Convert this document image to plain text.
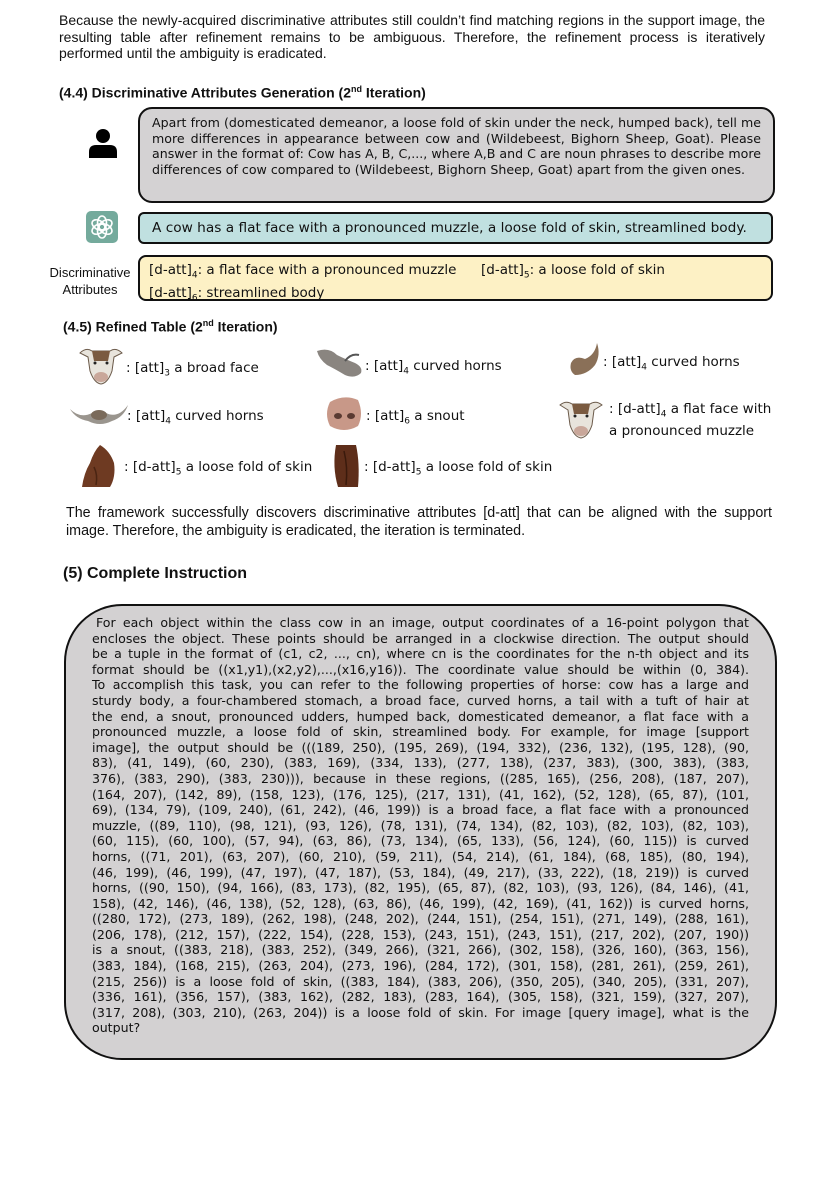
Because the newly-acquired discriminative attributes still couldn’t find matching regions in the support image, the resulting table after refinement remains to be ambiguous. Therefore, the refinement process is iteratively performed until the ambiguity is eradicated.
(4.4) Discriminative Attributes Generation (2nd Iteration)
Apart from (domesticated demeanor, a loose fold of skin under the neck, humped back), tell me more differences in appearance between cow and (Wildebeest, Bighorn Sheep, Goat). Please answer in the format of: Cow has A, B, C,..., where A,B and C are noun phrases to describe more differences of cow compared to (Wildebeest, Bighorn Sheep, Goat) apart from the given ones.
A cow has a flat face with a pronounced muzzle, a loose fold of skin, streamlined body.
Discriminative
Attributes
$[d-att]_4$: a flat face with a pronounced muzzle $[d-att]_5$: a loose fold of skin
$[d-att]_6$: streamlined body
(4.5) Refined Table (2nd Iteration)
: $[att]_3$ a broad face	: $[att]_4$ curved horns	: $[att]_4$ curved horns
: $[att]_4$ curved horns	: $[att]_6$ a snout	: $[d-att]_4$ a flat face with
a pronounced muzzle
: $[d-att]_5$ a loose fold of skin	: $[d-att]_5$ a loose fold of skin
The framework successfully discovers discriminative attributes [d-att] that can be aligned with the support image. Therefore, the ambiguity is eradicated, the iteration is terminated.
(5) Complete Instruction
For each object within the class cow in an image, output coordinates of a 16-point polygon that
encloses the object. These points should be arranged in a clockwise direction. The output should
be a tuple in the format of (c1, c2, ..., cn), where cn is the coordinates for the n-th object and its
format should be ((x1,y1),(x2,y2),...,(x16,y16)). The coordinate value should be within (0, 384).
To accomplish this task, you can refer to the following properties of horse: cow has a large and
sturdy body, a four-chambered stomach, a broad face, curved horns, a tail with a tuft of hair at
the end, a snout, pronounced udders, humped back, domesticated demeanor, a flat face with a
pronounced muzzle, a loose fold of skin, streamlined body. For example, for image [support
image], the output should be (((189, 250), (195, 269), (194, 332), (236, 132), (195, 128), (90,
83), (41, 149), (60, 230), (383, 169), (334, 133), (277, 138), (237, 383), (300, 383), (383,
376), (383, 290), (383, 230))), because in these regions, ((285, 165), (256, 208), (187, 207),
(164, 207), (142, 89), (158, 123), (176, 125), (217, 131), (41, 162), (52, 128), (65, 87), (101,
69), (134, 79), (109, 240), (61, 242), (46, 199)) is a broad face, a flat face with a pronounced
muzzle, ((89, 110), (98, 121), (93, 126), (78, 131), (74, 134), (82, 103), (82, 103), (82, 103),
(60, 115), (60, 100), (57, 94), (63, 86), (73, 134), (65, 133), (56, 124), (60, 115)) is curved
horns, ((71, 201), (63, 207), (60, 210), (59, 211), (54, 214), (61, 184), (68, 185), (80, 194),
(46, 199), (46, 199), (47, 197), (47, 187), (53, 184), (49, 217), (33, 222), (18, 219)) is curved
horns, ((90, 150), (94, 166), (83, 173), (82, 195), (65, 87), (82, 103), (93, 126), (84, 146), (41,
158), (42, 146), (46, 138), (52, 128), (63, 86), (46, 199), (42, 169), (41, 162)) is curved horns,
((280, 172), (273, 189), (262, 198), (248, 202), (244, 151), (254, 151), (271, 149), (288, 161),
(206, 178), (212, 157), (222, 154), (228, 153), (243, 151), (243, 151), (217, 202), (207, 190))
is a snout, ((383, 218), (383, 252), (349, 266), (321, 266), (302, 158), (326, 160), (363, 156),
(383, 184), (168, 215), (263, 204), (273, 196), (284, 172), (301, 158), (281, 261), (259, 261),
(215, 256)) is a loose fold of skin, ((383, 184), (383, 206), (350, 205), (340, 205), (331, 207),
(336, 161), (356, 157), (383, 162), (282, 183), (283, 164), (305, 158), (321, 159), (327, 207),
(317, 208), (303, 210), (263, 204)) is a loose fold of skin. For image [query image], what is the
output?
